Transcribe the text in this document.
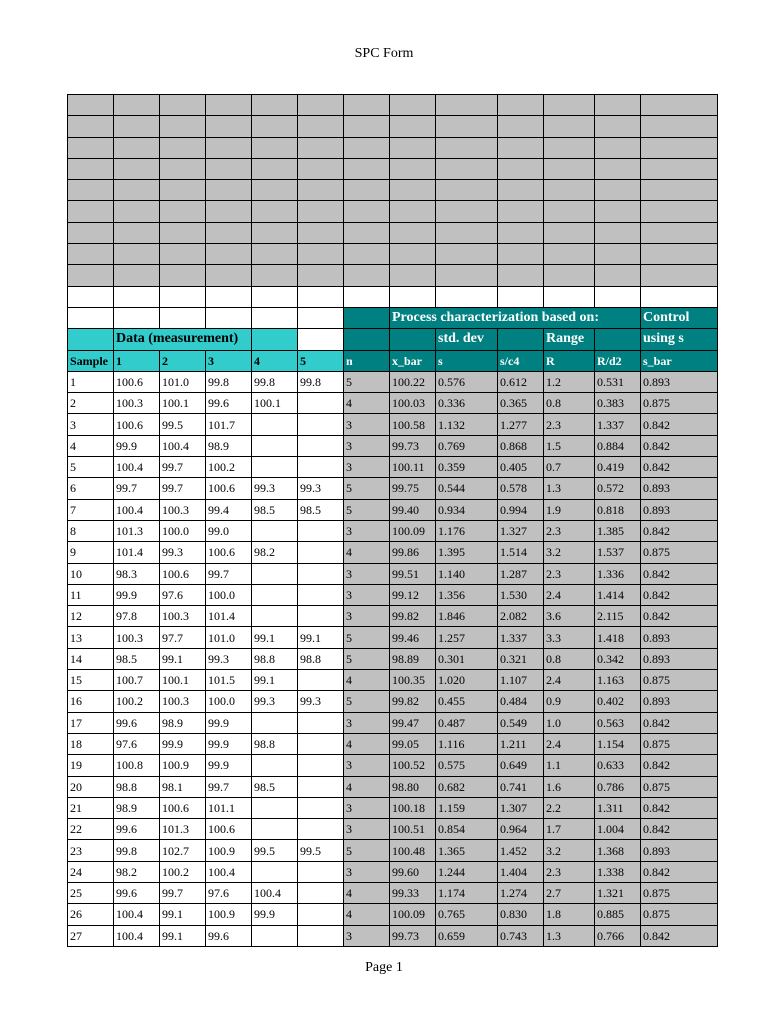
SPC Form

							Process characterization based on:					Control
	Data (measurement)							std. dev		Range		using s
Sample	1	2	3	4	5	n	x_bar	s	s/c4	R	R/d2	s_bar
1	100.6	101.0	99.8	99.8	99.8	5	100.22	0.576	0.612	1.2	0.531	0.893
2	100.3	100.1	99.6	100.1		4	100.03	0.336	0.365	0.8	0.383	0.875
3	100.6	99.5	101.7			3	100.58	1.132	1.277	2.3	1.337	0.842
4	99.9	100.4	98.9			3	99.73	0.769	0.868	1.5	0.884	0.842
5	100.4	99.7	100.2			3	100.11	0.359	0.405	0.7	0.419	0.842
6	99.7	99.7	100.6	99.3	99.3	5	99.75	0.544	0.578	1.3	0.572	0.893
7	100.4	100.3	99.4	98.5	98.5	5	99.40	0.934	0.994	1.9	0.818	0.893
8	101.3	100.0	99.0			3	100.09	1.176	1.327	2.3	1.385	0.842
9	101.4	99.3	100.6	98.2		4	99.86	1.395	1.514	3.2	1.537	0.875
10	98.3	100.6	99.7			3	99.51	1.140	1.287	2.3	1.336	0.842
11	99.9	97.6	100.0			3	99.12	1.356	1.530	2.4	1.414	0.842
12	97.8	100.3	101.4			3	99.82	1.846	2.082	3.6	2.115	0.842
13	100.3	97.7	101.0	99.1	99.1	5	99.46	1.257	1.337	3.3	1.418	0.893
14	98.5	99.1	99.3	98.8	98.8	5	98.89	0.301	0.321	0.8	0.342	0.893
15	100.7	100.1	101.5	99.1		4	100.35	1.020	1.107	2.4	1.163	0.875
16	100.2	100.3	100.0	99.3	99.3	5	99.82	0.455	0.484	0.9	0.402	0.893
17	99.6	98.9	99.9			3	99.47	0.487	0.549	1.0	0.563	0.842
18	97.6	99.9	99.9	98.8		4	99.05	1.116	1.211	2.4	1.154	0.875
19	100.8	100.9	99.9			3	100.52	0.575	0.649	1.1	0.633	0.842
20	98.8	98.1	99.7	98.5		4	98.80	0.682	0.741	1.6	0.786	0.875
21	98.9	100.6	101.1			3	100.18	1.159	1.307	2.2	1.311	0.842
22	99.6	101.3	100.6			3	100.51	0.854	0.964	1.7	1.004	0.842
23	99.8	102.7	100.9	99.5	99.5	5	100.48	1.365	1.452	3.2	1.368	0.893
24	98.2	100.2	100.4			3	99.60	1.244	1.404	2.3	1.338	0.842
25	99.6	99.7	97.6	100.4		4	99.33	1.174	1.274	2.7	1.321	0.875
26	100.4	99.1	100.9	99.9		4	100.09	0.765	0.830	1.8	0.885	0.875
27	100.4	99.1	99.6			3	99.73	0.659	0.743	1.3	0.766	0.842
Page 1
